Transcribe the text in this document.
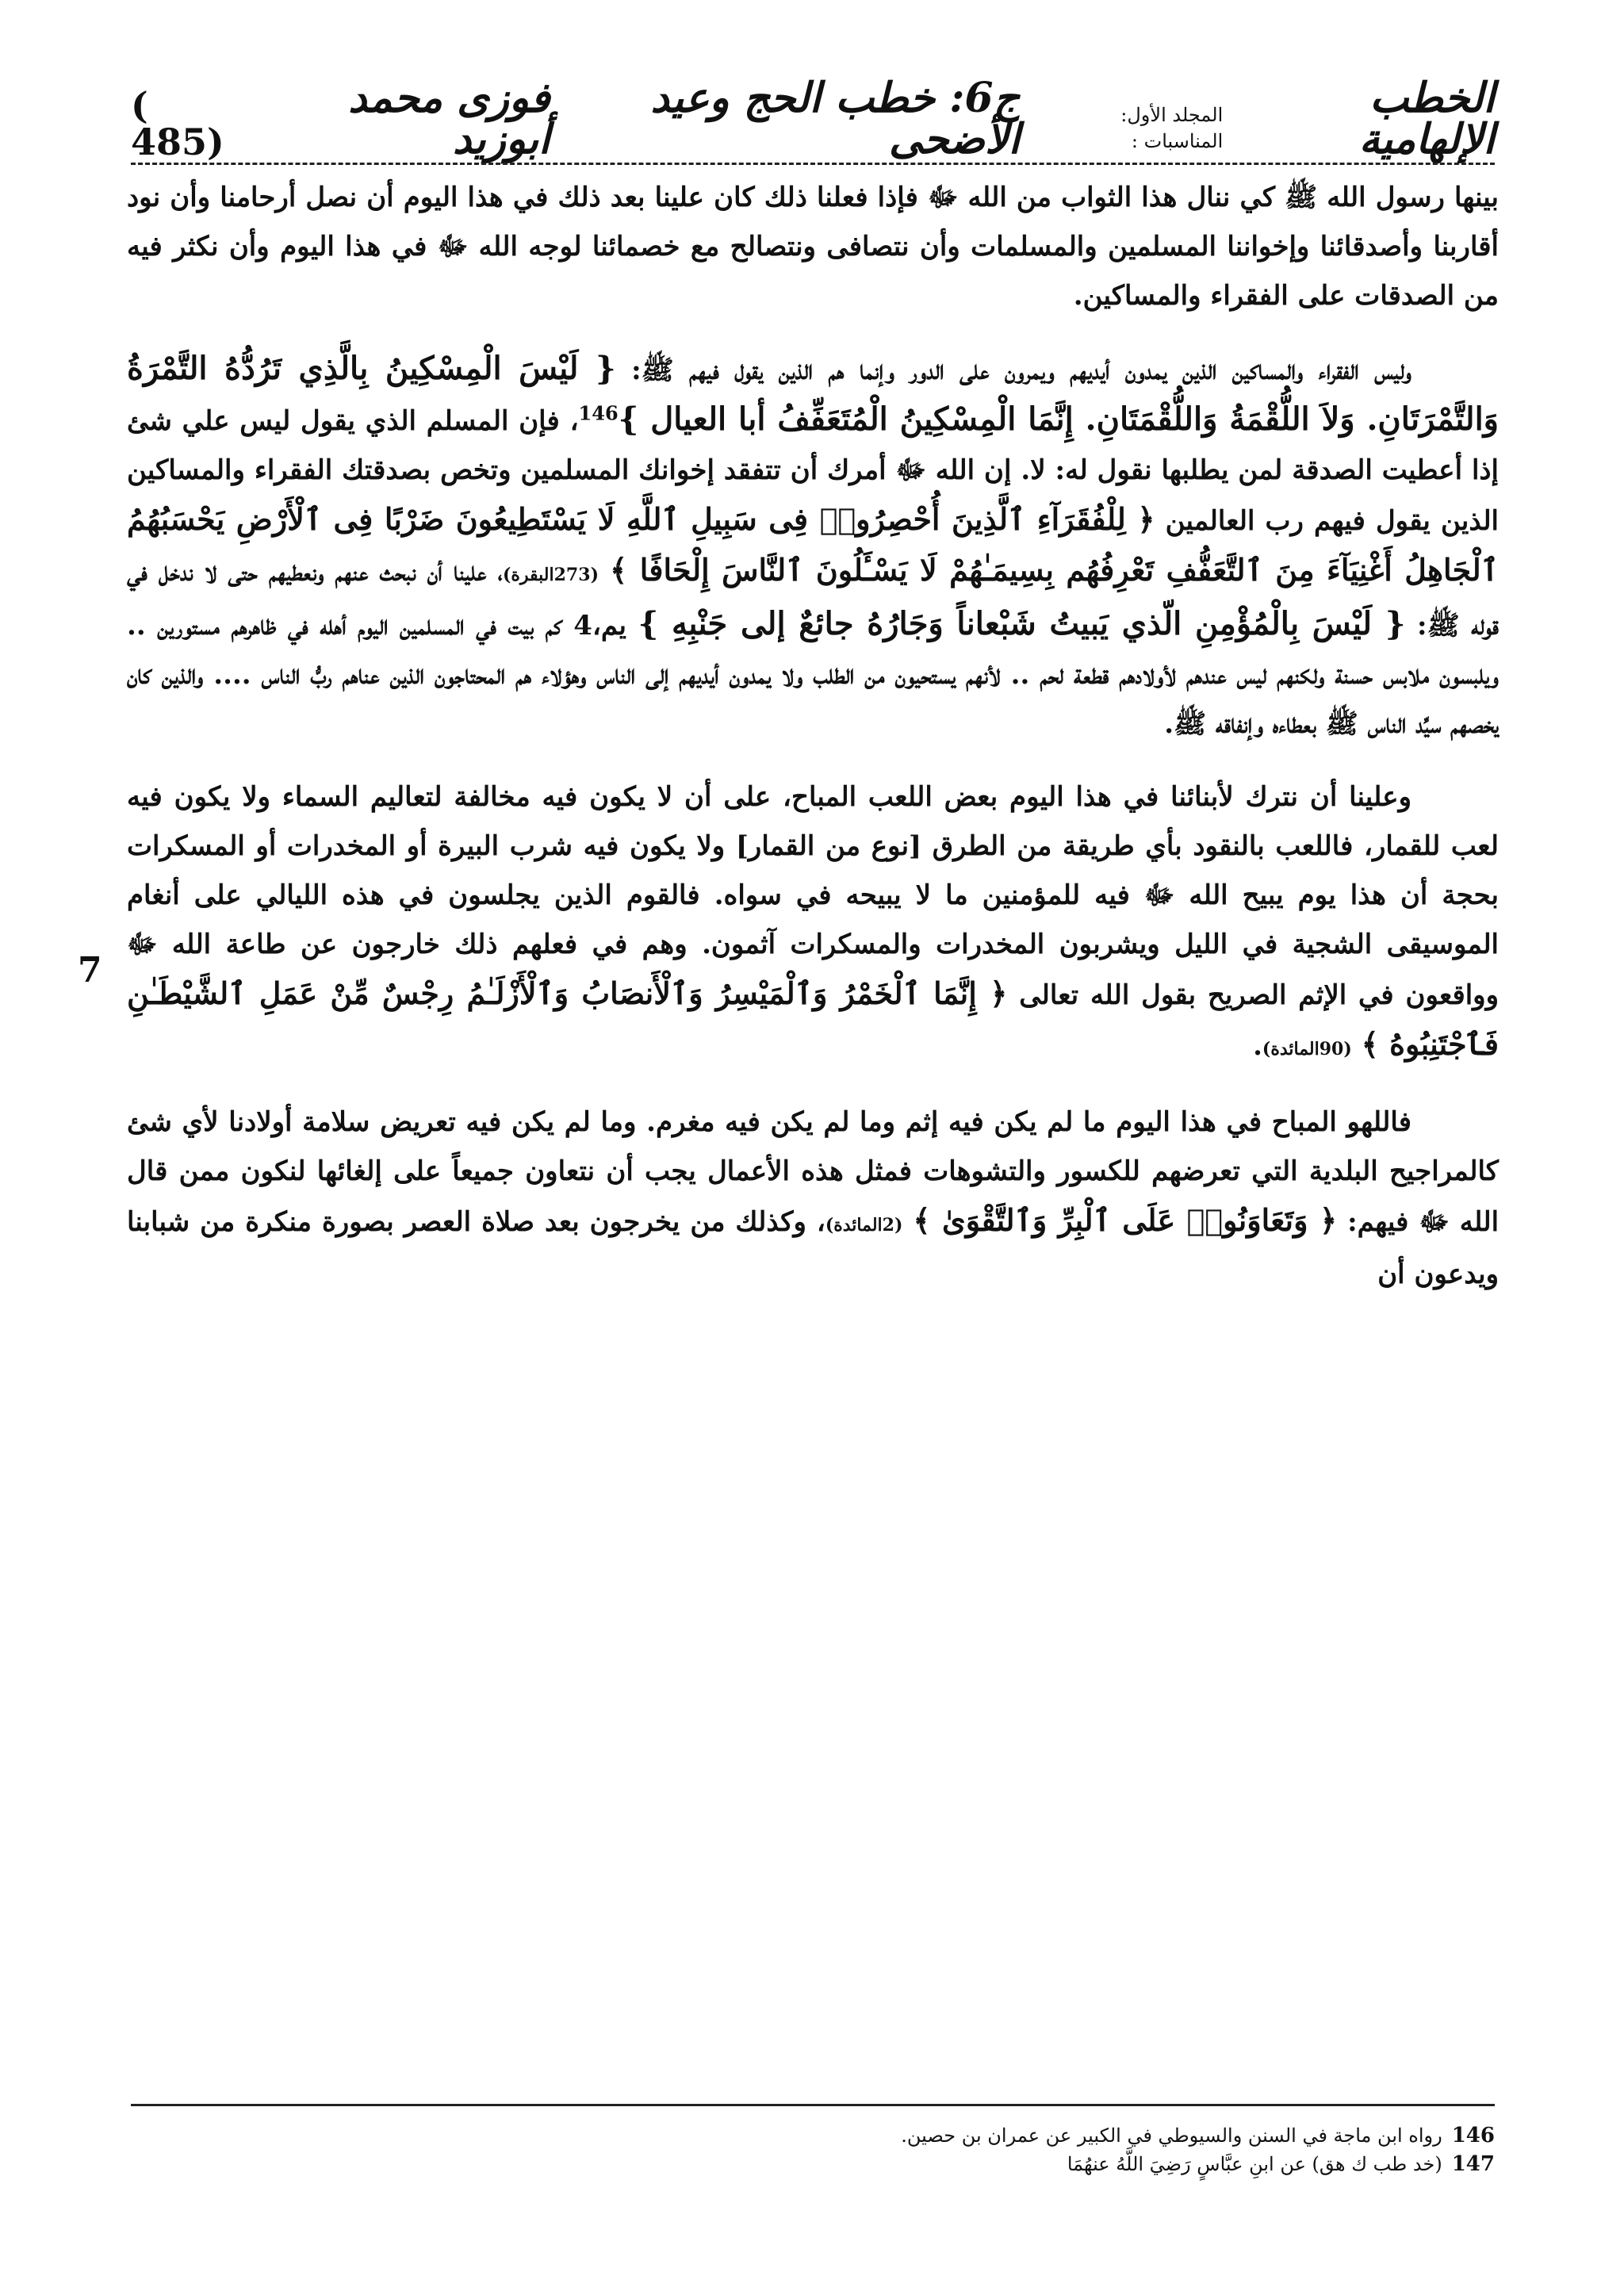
الخطب الإلهامية
المجلد الأول: المناسبات :
ج6: خطب الحج وعيد الأضحى
فوزى محمد أبوزيد
( 485)

بينها رسول الله ﷺ كي ننال هذا الثواب من الله ﷻ فإذا فعلنا ذلك كان علينا بعد ذلك في هذا اليوم أن نصل أرحامنا وأن نود أقاربنا وأصدقائنا وإخواننا المسلمين والمسلمات وأن نتصافى ونتصالح مع خصمائنا لوجه الله ﷻ في هذا اليوم وأن نكثر فيه من الصدقات على الفقراء والمساكين.

وليس الفقراء والمساكين الذين يمدون أيديهم ويمرون على الدور وإنما هم الذين يقول فيهم ﷺ: { لَيْسَ الْمِسْكِينُ بِالَّذِي تَرُدُّهُ التَّمْرَةُ وَالتَّمْرَتَانِ. وَلاَ اللُّقْمَةُ وَاللُّقْمَتَانِ. إِنَّمَا الْمِسْكِينُ الْمُتَعَفِّفُ أبا العيال }$^{146}$، فإن المسلم الذي يقول ليس علي شئ إذا أعطيت الصدقة لمن يطلبها نقول له: لا. إن الله ﷻ أمرك أن تتفقد إخوانك المسلمين وتخص بصدقتك الفقراء والمساكين الذين يقول فيهم رب العالمين ﴿ لِلْفُقَرَآءِ ٱلَّذِينَ أُحْصِرُوا۟ فِى سَبِيلِ ٱللَّهِ لَا يَسْتَطِيعُونَ ضَرْبًا فِى ٱلْأَرْضِ يَحْسَبُهُمُ ٱلْجَاهِلُ أَغْنِيَآءَ مِنَ ٱلتَّعَفُّفِ تَعْرِفُهُم بِسِيمَـٰهُمْ لَا يَسْـَٔلُونَ ٱلنَّاسَ إِلْحَافًا ﴾ (273البقرة)، علينا أن نبحث عنهم ونعطيهم حتى لا ندخل في قوله ﷺ: { لَيْسَ بِالْمُؤْمِنِ الّذي يَبيتُ شَبْعاناً وَجَارُهُ جائعٌ إلى جَنْبِهِ } يم،4 كم بيت في المسلمين اليوم أهله في ظاهرهم مستورين .. ويلبسون ملابس حسنة ولكنهم ليس عندهم لأولادهم قطعة لحم .. لأنهم يستحيون من الطلب ولا يمدون أيديهم إلى الناس وهؤلاء هم المحتاجون الذين عناهم ربُّ الناس .... والذين كان يخصهم سيِّد الناس ﷺ بعطاءه وإنفاقه ﷺ.

وعلينا أن نترك لأبنائنا في هذا اليوم بعض اللعب المباح، على أن لا يكون فيه مخالفة لتعاليم السماء ولا يكون فيه لعب للقمار، فاللعب بالنقود بأي طريقة من الطرق [نوع من القمار] ولا يكون فيه شرب البيرة أو المخدرات أو المسكرات بحجة أن هذا يوم يبيح الله ﷻ فيه للمؤمنين ما لا يبيحه في سواه. فالقوم الذين يجلسون في هذه الليالي على أنغام الموسيقى الشجية في الليل ويشربون المخدرات والمسكرات آثمون. وهم في فعلهم ذلك خارجون عن طاعة الله ﷻ وواقعون في الإثم الصريح بقول الله تعالى ﴿ إِنَّمَا ٱلْخَمْرُ وَٱلْمَيْسِرُ وَٱلْأَنصَابُ وَٱلْأَزْلَـٰمُ رِجْسٌ مِّنْ عَمَلِ ٱلشَّيْطَـٰنِ فَٱجْتَنِبُوهُ ﴾ (90المائدة).

فاللهو المباح في هذا اليوم ما لم يكن فيه إثم وما لم يكن فيه مغرم. وما لم يكن فيه تعريض سلامة أولادنا لأي شئ كالمراجيح البلدية التي تعرضهم للكسور والتشوهات فمثل هذه الأعمال يجب أن نتعاون جميعاً على إلغائها لنكون ممن قال الله ﷻ فيهم: ﴿ وَتَعَاوَنُوا۟ عَلَى ٱلْبِرِّ وَٱلتَّقْوَىٰ ﴾ (2المائدة)، وكذلك من يخرجون بعد صلاة العصر بصورة منكرة من شبابنا ويدعون أن

7
146
رواه ابن ماجة في السنن والسيوطي في الكبير عن عمران بن حصين.
147
(خد طب ك هق) عن ابنِ عبَّاسٍ رَضِيَ اللَّهُ عنهُمَا
